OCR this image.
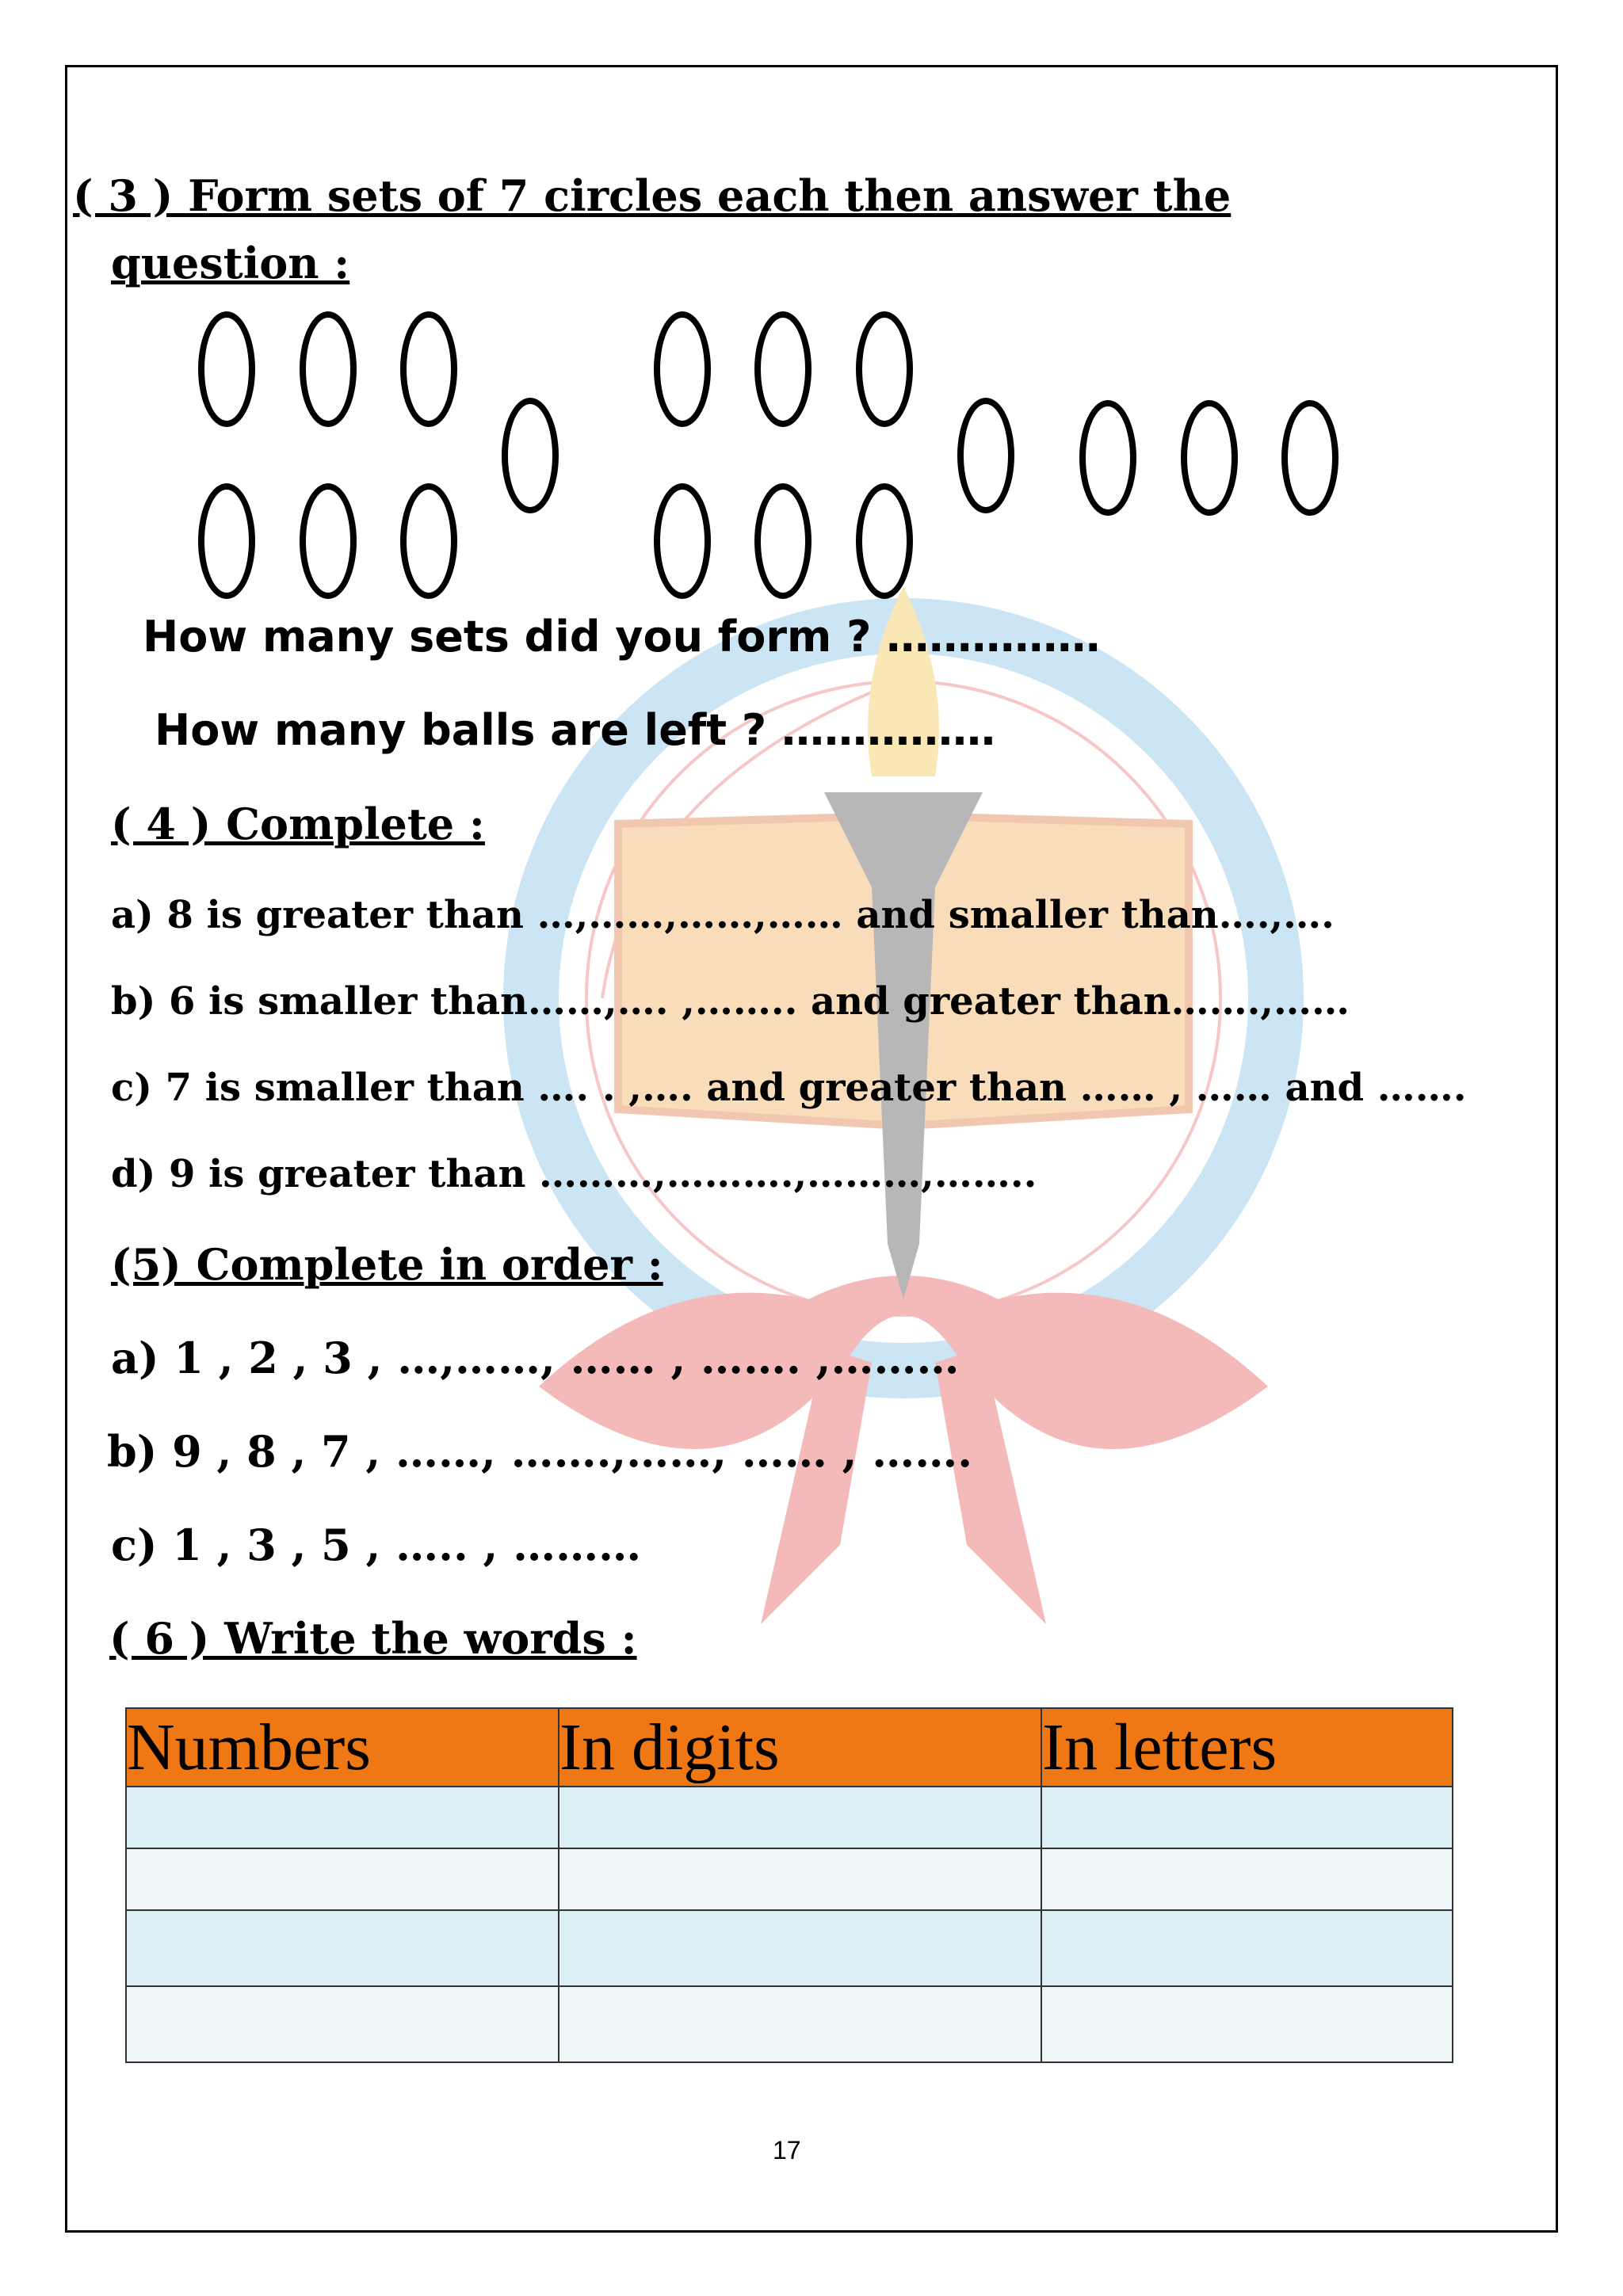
( 3 ) Form sets of 7 circles each then answer the
question :
How many sets did you form ? ……………
How many balls are left ? ……………
( 4 ) Complete :
a) 8 is greater than …,……,……,…… and smaller than….,….
b) 6 is smaller than……,…. ,…….. and greater than…….,……
c) 7 is smaller than …. . ,…. and greater than …… , …… and …….
d) 9 is greater than ………,……….,………,……..
(5) Complete in order :
a) 1 , 2 , 3 , …,……, …… , ……. ,………
b) 9 , 8 , 7 , ……, …….,……, …… , …….
c) 1 , 3 , 5 , ….. , ………
( 6 ) Write the words :
Numbers	In digits	In letters

17
